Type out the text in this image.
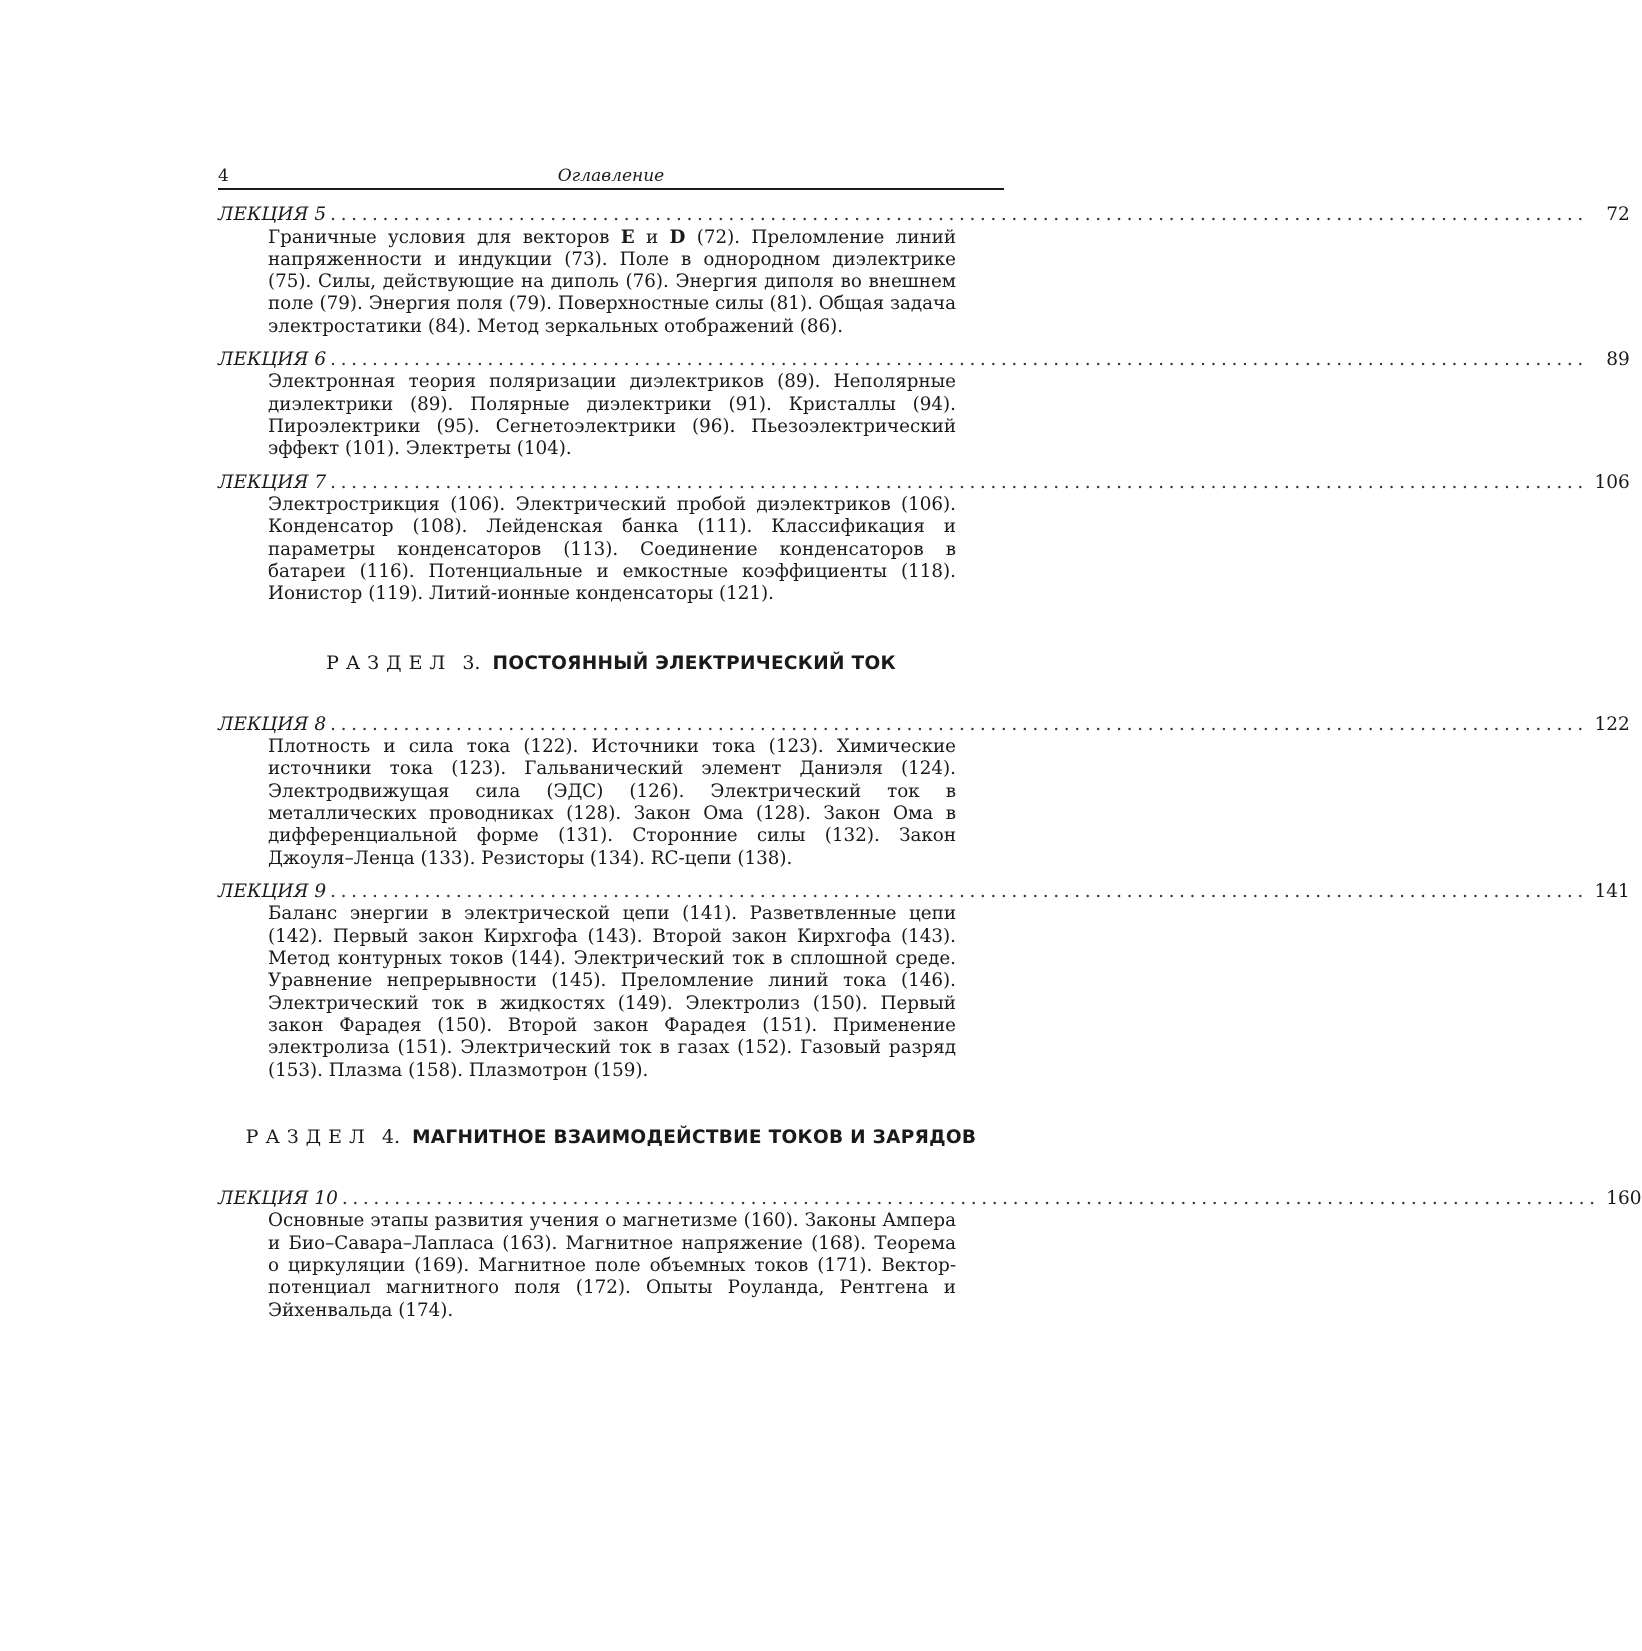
4	Оглавление
ЛЕКЦИЯ 5 ........................................................................................................................ 72
Граничные условия для векторов E и D (72). Преломление линий напряженности и индукции (73). Поле в однородном диэлектрике (75). Силы, действующие на диполь (76). Энергия диполя во внешнем поле (79). Энергия поля (79). Поверхностные силы (81). Общая задача электростатики (84). Метод зеркальных отображений (86).
ЛЕКЦИЯ 6 ........................................................................................................................ 89
Электронная теория поляризации диэлектриков (89). Неполярные диэлектрики (89). Полярные диэлектрики (91). Кристаллы (94). Пироэлектрики (95). Сегнетоэлектрики (96). Пьезоэлектрический эффект (101). Электреты (104).
ЛЕКЦИЯ 7 ........................................................................................................................ 106
Электрострикция (106). Электрический пробой диэлектриков (106). Конденсатор (108). Лейденская банка (111). Классификация и параметры конденсаторов (113). Соединение конденсаторов в батареи (116). Потенциальные и емкостные коэффициенты (118). Ионистор (119). Литий-ионные конденсаторы (121).
РАЗДЕЛ 3. ПОСТОЯННЫЙ ЭЛЕКТРИЧЕСКИЙ ТОК
ЛЕКЦИЯ 8 ........................................................................................................................ 122
Плотность и сила тока (122). Источники тока (123). Химические источники тока (123). Гальванический элемент Даниэля (124). Электродвижущая сила (ЭДС) (126). Электрический ток в металлических проводниках (128). Закон Ома (128). Закон Ома в дифференциальной форме (131). Сторонние силы (132). Закон Джоуля–Ленца (133). Резисторы (134). RC-цепи (138).
ЛЕКЦИЯ 9 ........................................................................................................................ 141
Баланс энергии в электрической цепи (141). Разветвленные цепи (142). Первый закон Кирхгофа (143). Второй закон Кирхгофа (143). Метод контурных токов (144). Электрический ток в сплошной среде. Уравнение непрерывности (145). Преломление линий тока (146). Электрический ток в жидкостях (149). Электролиз (150). Первый закон Фарадея (150). Второй закон Фарадея (151). Применение электролиза (151). Электрический ток в газах (152). Газовый разряд (153). Плазма (158). Плазмотрон (159).
РАЗДЕЛ 4. МАГНИТНОЕ ВЗАИМОДЕЙСТВИЕ ТОКОВ И ЗАРЯДОВ
ЛЕКЦИЯ 10 ........................................................................................................................ 160
Основные этапы развития учения о магнетизме (160). Законы Ампера и Био–Савара–Лапласа (163). Магнитное напряжение (168). Теорема о циркуляции (169). Магнитное поле объемных токов (171). Вектор-потенциал магнитного поля (172). Опыты Роуланда, Рентгена и Эйхенвальда (174).
